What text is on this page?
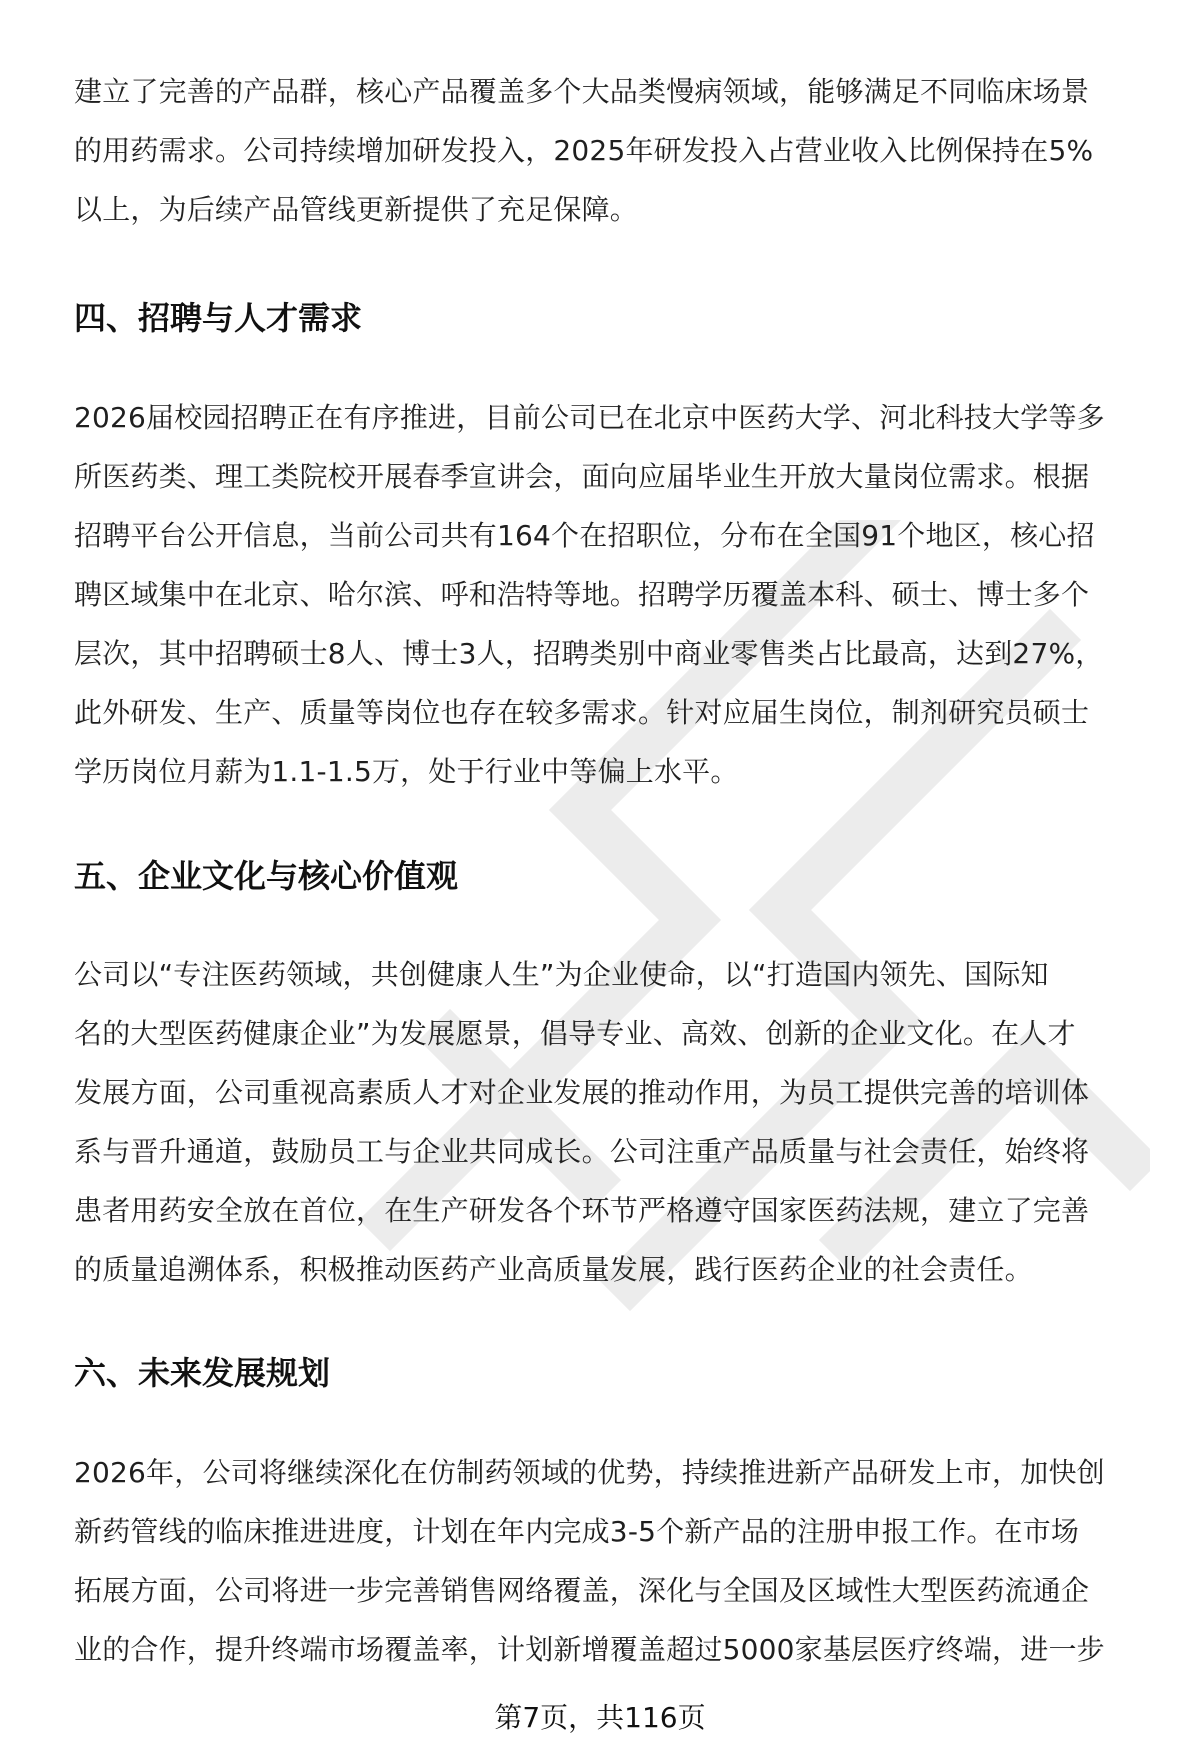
建立了完善的产品群，核心产品覆盖多个大品类慢病领域，能够满足不同临床场景
的用药需求。公司持续增加研发投入，2025年研发投入占营业收入比例保持在5%
以上，为后续产品管线更新提供了充足保障。

四、招聘与人才需求

2026届校园招聘正在有序推进，目前公司已在北京中医药大学、河北科技大学等多
所医药类、理工类院校开展春季宣讲会，面向应届毕业生开放大量岗位需求。根据
招聘平台公开信息，当前公司共有164个在招职位，分布在全国91个地区，核心招
聘区域集中在北京、哈尔滨、呼和浩特等地。招聘学历覆盖本科、硕士、博士多个
层次，其中招聘硕士8人、博士3人，招聘类别中商业零售类占比最高，达到27%，
此外研发、生产、质量等岗位也存在较多需求。针对应届生岗位，制剂研究员硕士
学历岗位月薪为1.1-1.5万，处于行业中等偏上水平。

五、企业文化与核心价值观

公司以“专注医药领域，共创健康人生”为企业使命，以“打造国内领先、国际知
名的大型医药健康企业”为发展愿景，倡导专业、高效、创新的企业文化。在人才
发展方面，公司重视高素质人才对企业发展的推动作用，为员工提供完善的培训体
系与晋升通道，鼓励员工与企业共同成长。公司注重产品质量与社会责任，始终将
患者用药安全放在首位，在生产研发各个环节严格遵守国家医药法规，建立了完善
的质量追溯体系，积极推动医药产业高质量发展，践行医药企业的社会责任。

六、未来发展规划

2026年，公司将继续深化在仿制药领域的优势，持续推进新产品研发上市，加快创
新药管线的临床推进进度，计划在年内完成3-5个新产品的注册申报工作。在市场
拓展方面，公司将进一步完善销售网络覆盖，深化与全国及区域性大型医药流通企
业的合作，提升终端市场覆盖率，计划新增覆盖超过5000家基层医疗终端，进一步

第7页，共116页
